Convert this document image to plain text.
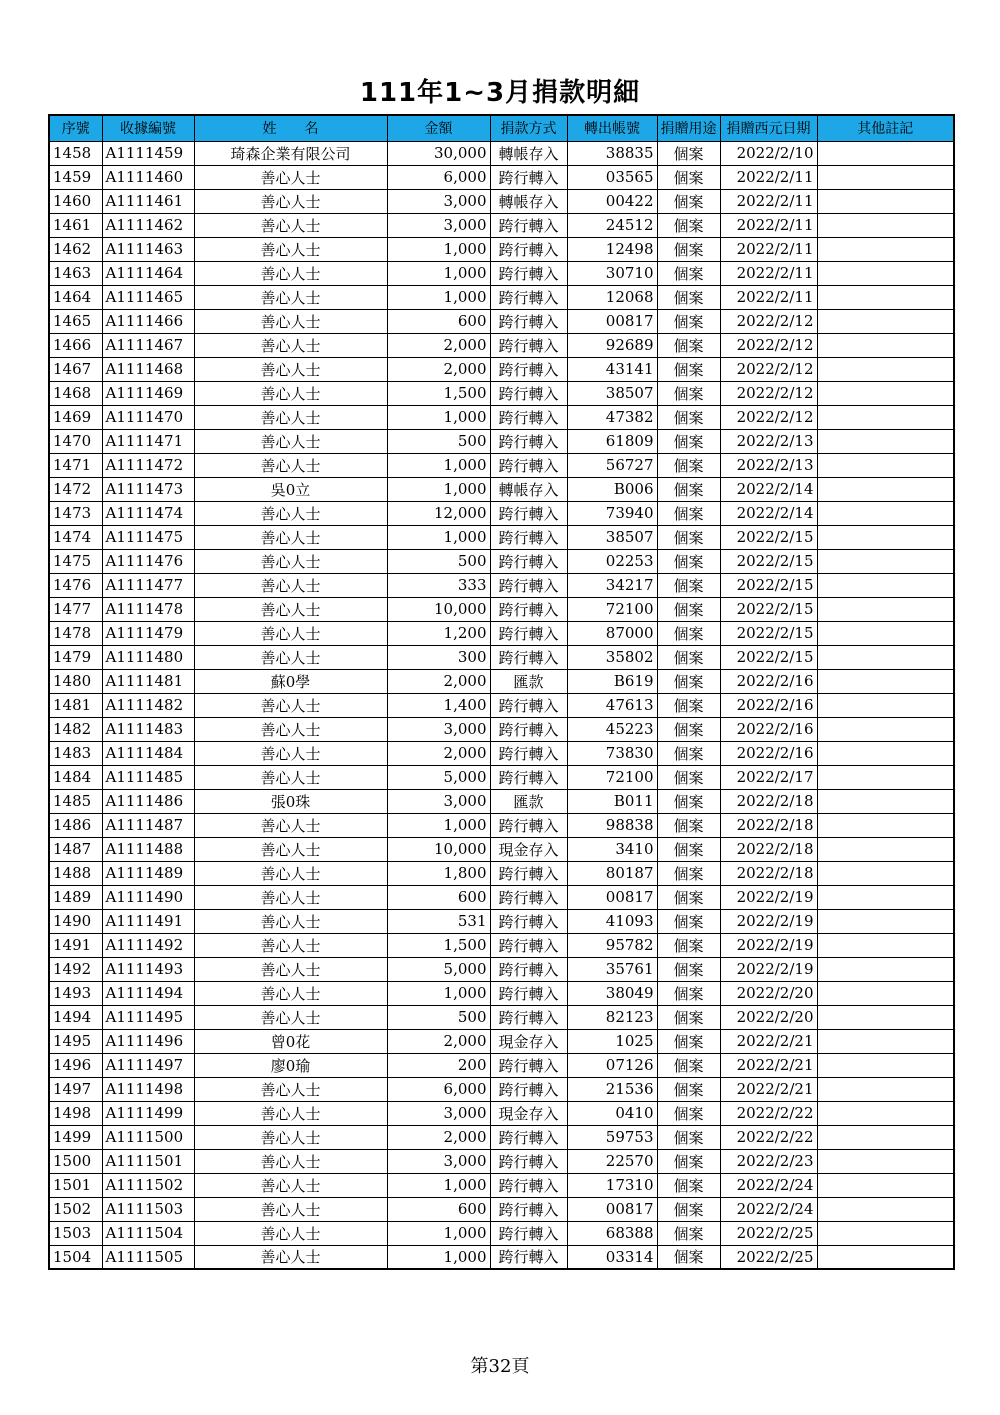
111年1~3月捐款明細
序號	收據編號	姓　　名	金額	捐款方式	轉出帳號	捐贈用途	捐贈西元日期	其他註記
1458	A1111459	琦森企業有限公司	30,000	轉帳存入	38835	個案	2022/2/10	
1459	A1111460	善心人士	6,000	跨行轉入	03565	個案	2022/2/11	
1460	A1111461	善心人士	3,000	轉帳存入	00422	個案	2022/2/11	
1461	A1111462	善心人士	3,000	跨行轉入	24512	個案	2022/2/11	
1462	A1111463	善心人士	1,000	跨行轉入	12498	個案	2022/2/11	
1463	A1111464	善心人士	1,000	跨行轉入	30710	個案	2022/2/11	
1464	A1111465	善心人士	1,000	跨行轉入	12068	個案	2022/2/11	
1465	A1111466	善心人士	600	跨行轉入	00817	個案	2022/2/12	
1466	A1111467	善心人士	2,000	跨行轉入	92689	個案	2022/2/12	
1467	A1111468	善心人士	2,000	跨行轉入	43141	個案	2022/2/12	
1468	A1111469	善心人士	1,500	跨行轉入	38507	個案	2022/2/12	
1469	A1111470	善心人士	1,000	跨行轉入	47382	個案	2022/2/12	
1470	A1111471	善心人士	500	跨行轉入	61809	個案	2022/2/13	
1471	A1111472	善心人士	1,000	跨行轉入	56727	個案	2022/2/13	
1472	A1111473	吳0立	1,000	轉帳存入	B006	個案	2022/2/14	
1473	A1111474	善心人士	12,000	跨行轉入	73940	個案	2022/2/14	
1474	A1111475	善心人士	1,000	跨行轉入	38507	個案	2022/2/15	
1475	A1111476	善心人士	500	跨行轉入	02253	個案	2022/2/15	
1476	A1111477	善心人士	333	跨行轉入	34217	個案	2022/2/15	
1477	A1111478	善心人士	10,000	跨行轉入	72100	個案	2022/2/15	
1478	A1111479	善心人士	1,200	跨行轉入	87000	個案	2022/2/15	
1479	A1111480	善心人士	300	跨行轉入	35802	個案	2022/2/15	
1480	A1111481	蘇0學	2,000	匯款	B619	個案	2022/2/16	
1481	A1111482	善心人士	1,400	跨行轉入	47613	個案	2022/2/16	
1482	A1111483	善心人士	3,000	跨行轉入	45223	個案	2022/2/16	
1483	A1111484	善心人士	2,000	跨行轉入	73830	個案	2022/2/16	
1484	A1111485	善心人士	5,000	跨行轉入	72100	個案	2022/2/17	
1485	A1111486	張0珠	3,000	匯款	B011	個案	2022/2/18	
1486	A1111487	善心人士	1,000	跨行轉入	98838	個案	2022/2/18	
1487	A1111488	善心人士	10,000	現金存入	3410	個案	2022/2/18	
1488	A1111489	善心人士	1,800	跨行轉入	80187	個案	2022/2/18	
1489	A1111490	善心人士	600	跨行轉入	00817	個案	2022/2/19	
1490	A1111491	善心人士	531	跨行轉入	41093	個案	2022/2/19	
1491	A1111492	善心人士	1,500	跨行轉入	95782	個案	2022/2/19	
1492	A1111493	善心人士	5,000	跨行轉入	35761	個案	2022/2/19	
1493	A1111494	善心人士	1,000	跨行轉入	38049	個案	2022/2/20	
1494	A1111495	善心人士	500	跨行轉入	82123	個案	2022/2/20	
1495	A1111496	曾0花	2,000	現金存入	1025	個案	2022/2/21	
1496	A1111497	廖0瑜	200	跨行轉入	07126	個案	2022/2/21	
1497	A1111498	善心人士	6,000	跨行轉入	21536	個案	2022/2/21	
1498	A1111499	善心人士	3,000	現金存入	0410	個案	2022/2/22	
1499	A1111500	善心人士	2,000	跨行轉入	59753	個案	2022/2/22	
1500	A1111501	善心人士	3,000	跨行轉入	22570	個案	2022/2/23	
1501	A1111502	善心人士	1,000	跨行轉入	17310	個案	2022/2/24	
1502	A1111503	善心人士	600	跨行轉入	00817	個案	2022/2/24	
1503	A1111504	善心人士	1,000	跨行轉入	68388	個案	2022/2/25	
1504	A1111505	善心人士	1,000	跨行轉入	03314	個案	2022/2/25	
第32頁
